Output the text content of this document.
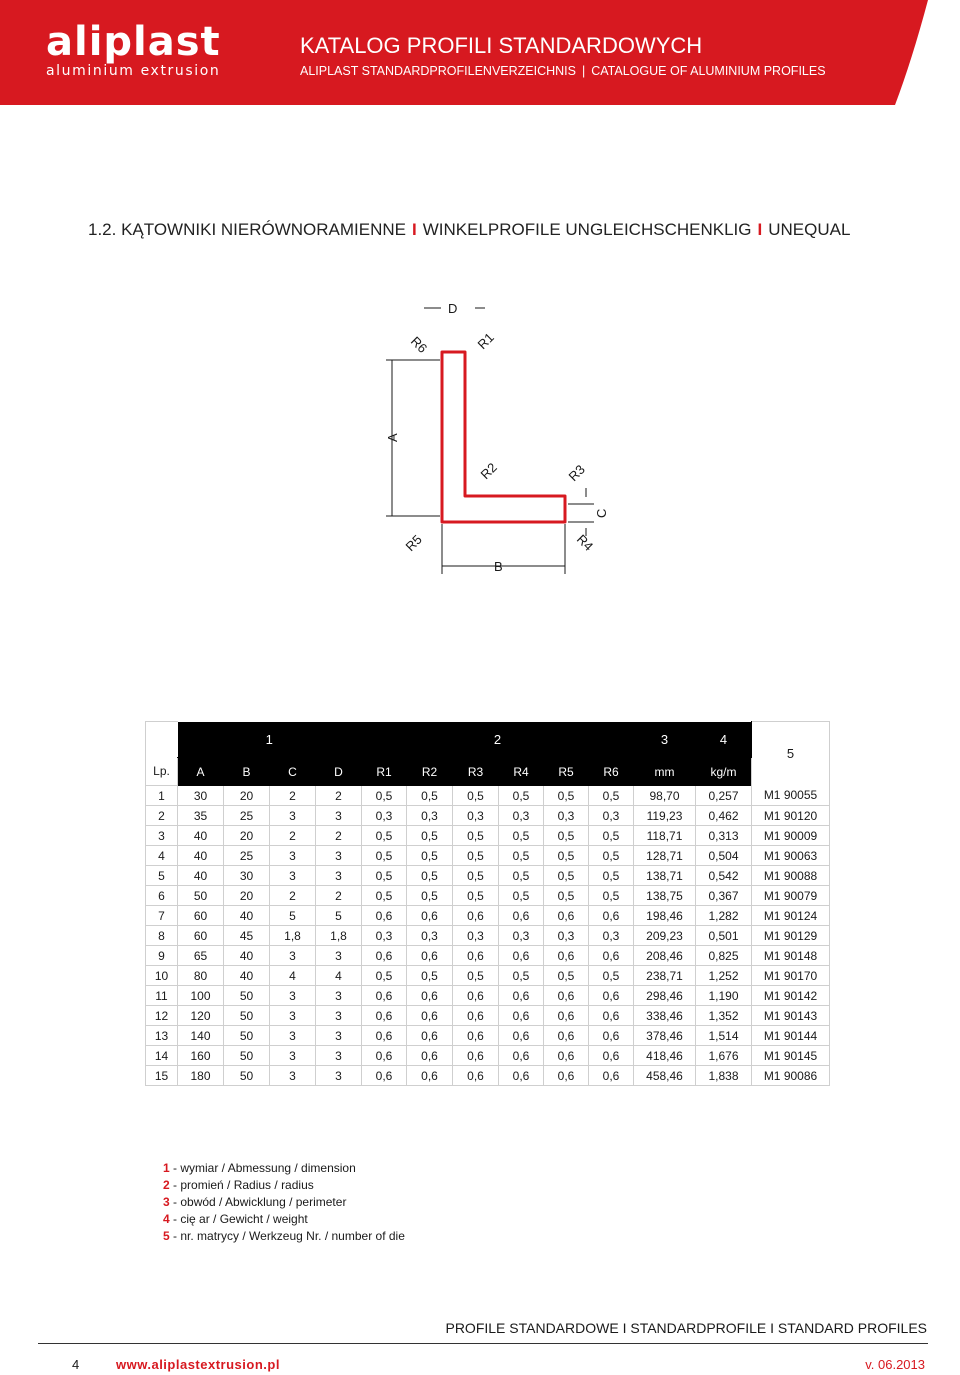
aliplast
aluminium extrusion
KATALOG PROFILI STANDARDOWYCH
ALIPLAST STANDARDPROFILENVERZEICHNIS | CATALOGUE OF ALUMINIUM PROFILES
1.2. KĄTOWNIKI NIERÓWNORAMIENNE I WINKELPROFILE UNGLEICHSCHENKLIG I UNEQUAL
D
R6	R1
A
R2	R3
C
R5	R4
B
	1				2						3	4	5
Lp.	A	B	C	D	R1	R2	R3	R4	R5	R6	mm	kg/m	
1	30	20	2	2	0,5	0,5	0,5	0,5	0,5	0,5	98,70	0,257	M1 90055
2	35	25	3	3	0,3	0,3	0,3	0,3	0,3	0,3	119,23	0,462	M1 90120
3	40	20	2	2	0,5	0,5	0,5	0,5	0,5	0,5	118,71	0,313	M1 90009
4	40	25	3	3	0,5	0,5	0,5	0,5	0,5	0,5	128,71	0,504	M1 90063
5	40	30	3	3	0,5	0,5	0,5	0,5	0,5	0,5	138,71	0,542	M1 90088
6	50	20	2	2	0,5	0,5	0,5	0,5	0,5	0,5	138,75	0,367	M1 90079
7	60	40	5	5	0,6	0,6	0,6	0,6	0,6	0,6	198,46	1,282	M1 90124
8	60	45	1,8	1,8	0,3	0,3	0,3	0,3	0,3	0,3	209,23	0,501	M1 90129
9	65	40	3	3	0,6	0,6	0,6	0,6	0,6	0,6	208,46	0,825	M1 90148
10	80	40	4	4	0,5	0,5	0,5	0,5	0,5	0,5	238,71	1,252	M1 90170
11	100	50	3	3	0,6	0,6	0,6	0,6	0,6	0,6	298,46	1,190	M1 90142
12	120	50	3	3	0,6	0,6	0,6	0,6	0,6	0,6	338,46	1,352	M1 90143
13	140	50	3	3	0,6	0,6	0,6	0,6	0,6	0,6	378,46	1,514	M1 90144
14	160	50	3	3	0,6	0,6	0,6	0,6	0,6	0,6	418,46	1,676	M1 90145
15	180	50	3	3	0,6	0,6	0,6	0,6	0,6	0,6	458,46	1,838	M1 90086
1 - wymiar / Abmessung / dimension
2 - promień / Radius / radius
3 - obwód / Abwicklung / perimeter
4 - cię ar / Gewicht / weight
5 - nr. matrycy / Werkzeug Nr. / number of die
PROFILE STANDARDOWE I STANDARDPROFILE I STANDARD PROFILES
4	www.aliplastextrusion.pl	v. 06.2013
